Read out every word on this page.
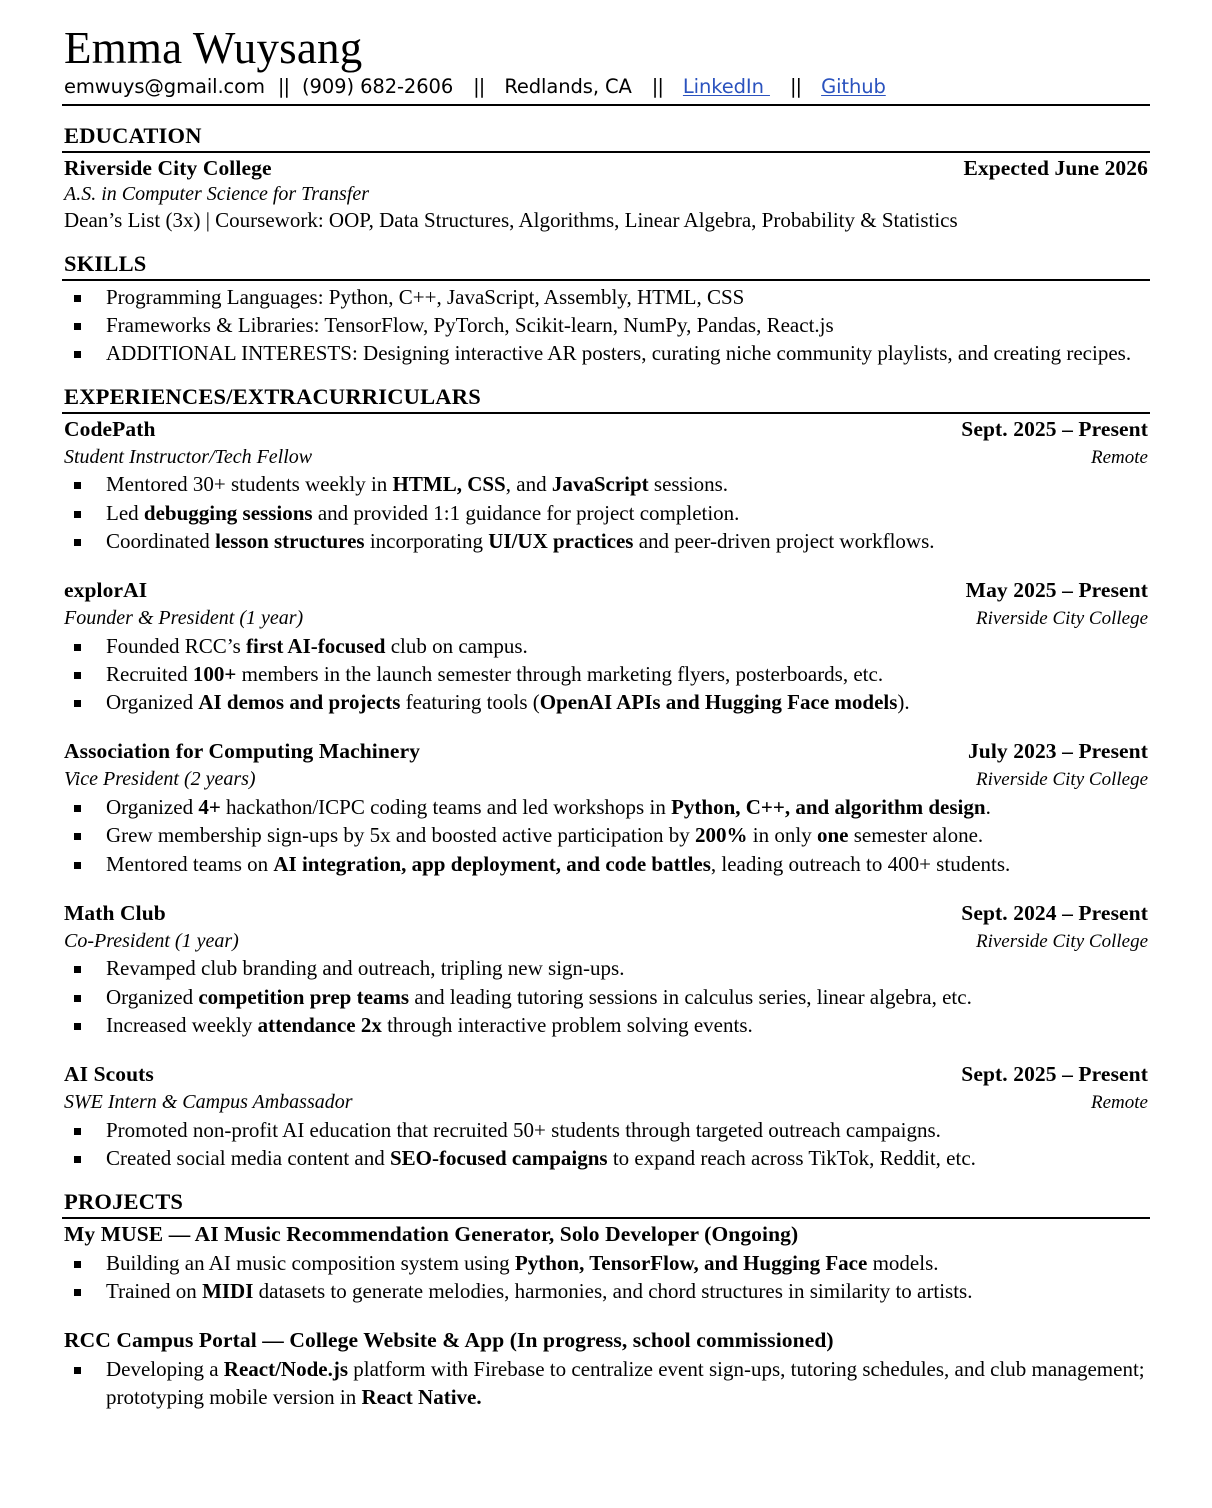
Emma Wuysang
emwuys@gmail.com || (909) 682-2606 || Redlands, CA || LinkedIn || Github
EDUCATION
Riverside City College	Expected June 2026
A.S. in Computer Science for Transfer
Dean’s List (3x) | Coursework: OOP, Data Structures, Algorithms, Linear Algebra, Probability & Statistics
SKILLS
Programming Languages: Python, C++, JavaScript, Assembly, HTML, CSS
Frameworks & Libraries: TensorFlow, PyTorch, Scikit-learn, NumPy, Pandas, React.js
ADDITIONAL INTERESTS: Designing interactive AR posters, curating niche community playlists, and creating recipes.
EXPERIENCES/EXTRACURRICULARS
CodePath	Sept. 2025 – Present
Student Instructor/Tech Fellow	Remote
Mentored 30+ students weekly in HTML, CSS, and JavaScript sessions.
Led debugging sessions and provided 1:1 guidance for project completion.
Coordinated lesson structures incorporating UI/UX practices and peer-driven project workflows.
explorAI	May 2025 – Present
Founder & President (1 year)	Riverside City College
Founded RCC’s first AI-focused club on campus.
Recruited 100+ members in the launch semester through marketing flyers, posterboards, etc.
Organized AI demos and projects featuring tools (OpenAI APIs and Hugging Face models).
Association for Computing Machinery	July 2023 – Present
Vice President (2 years)	Riverside City College
Organized 4+ hackathon/ICPC coding teams and led workshops in Python, C++, and algorithm design.
Grew membership sign-ups by 5x and boosted active participation by 200% in only one semester alone.
Mentored teams on AI integration, app deployment, and code battles, leading outreach to 400+ students.
Math Club	Sept. 2024 – Present
Co-President (1 year)	Riverside City College
Revamped club branding and outreach, tripling new sign-ups.
Organized competition prep teams and leading tutoring sessions in calculus series, linear algebra, etc.
Increased weekly attendance 2x through interactive problem solving events.
AI Scouts	Sept. 2025 – Present
SWE Intern & Campus Ambassador	Remote
Promoted non-profit AI education that recruited 50+ students through targeted outreach campaigns.
Created social media content and SEO-focused campaigns to expand reach across TikTok, Reddit, etc.
PROJECTS
My MUSE — AI Music Recommendation Generator, Solo Developer (Ongoing)
Building an AI music composition system using Python, TensorFlow, and Hugging Face models.
Trained on MIDI datasets to generate melodies, harmonies, and chord structures in similarity to artists.
RCC Campus Portal — College Website & App (In progress, school commissioned)
Developing a React/Node.js platform with Firebase to centralize event sign-ups, tutoring schedules, and club management; prototyping mobile version in React Native.
